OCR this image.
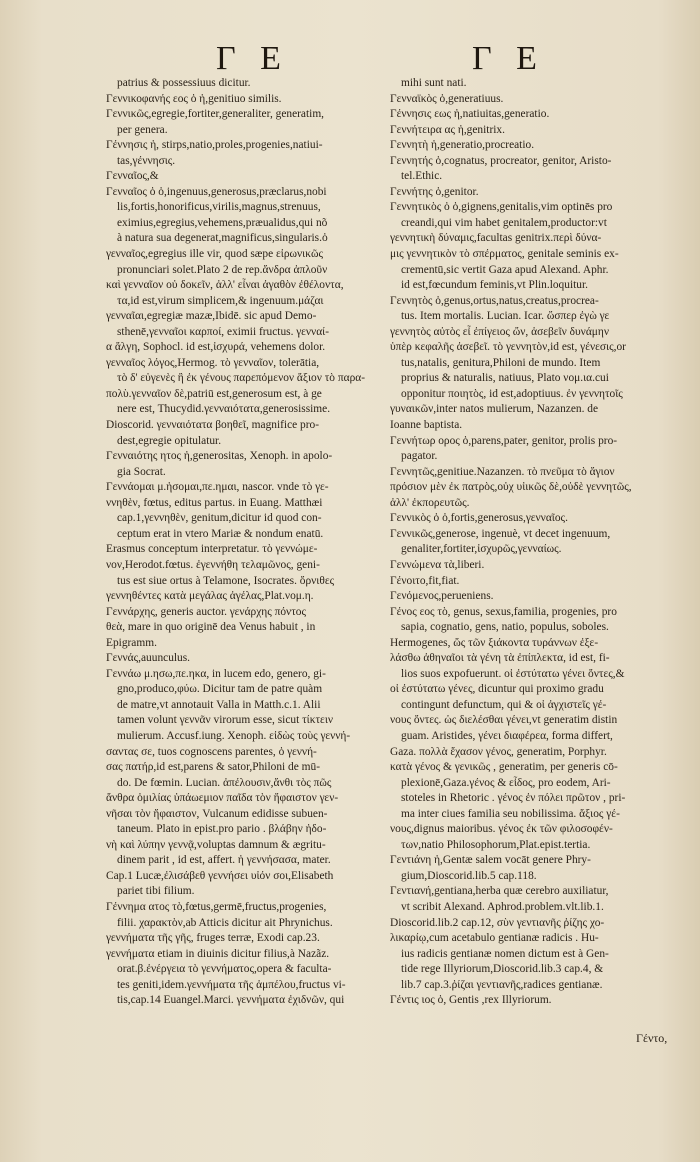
Γ Ε	Γ Ε
patrius & possessiuus dicitur.
Γεννικοφανής εος ὁ ἡ,genitiuo similis.
Γεννικῶς,egregie,fortiter,generaliter, generatim,
per genera.
Γέννησις ἡ, stirps,natio,proles,progenies,natiui-
tas,γέννησις.
Γενναῖος,&
Γενναῖος ὁ ὁ,ingenuus,generosus,præclarus,nobi
lis,fortis,honorificus,virilis,magnus,strenuus,
eximius,egregius,vehemens,præualidus,qui nõ
à natura sua degenerat,magnificus,singularis.ὁ
γενναῖος,egregius ille vir, quod sæpe εἰρωνικῶς
pronunciari solet.Plato 2 de rep.ἄνδρα ἁπλοῦν
καὶ γενναῖον οὐ δοκεῖν, ἀλλ' εἶναι ἀγαθὸν ἐθέλοντα,
τα,id est,virum simplicem,& ingenuum.μάζαι
γενναῖαι,egregiæ mazæ,Ibidē. sic apud Demo-
sthenē,γενναῖοι καρποί, eximii fructus. γενναί-
α ἄλγη, Sophocl. id est,ἰσχυρά, vehemens dolor.
γενναῖος λόγος,Hermog. τὸ γενναῖον, tolerātia,
τὸ δ' εὐγενὲς ἢ ἐκ γένους παρεπόμενον ἄξιον τὸ παρα-
πολὺ.γενναῖον δὲ,patriū est,generosum est, à ge
nere est, Thucydid.γενναιότατα,generosissime.
Dioscorid. γενναιότατα βοηθεῖ, magnifice pro-
dest,egregie opitulatur.
Γενναιότης ητος ἡ,generositas, Xenoph. in apolo-
gia Socrat.
Γεννάομαι μ.ἡσομαι,πε.ημαι, nascor. vnde τὸ γε-
ννηθὲν, fœtus, editus partus. in Euang. Matthæi
cap.1,γεννηθὲν, genitum,dicitur id quod con-
ceptum erat in vtero Mariæ & nondum enatū.
Erasmus conceptum interpretatur. τὸ γεννώμε-
νον,Herodot.fœtus. ἐγεννήθη τελαμῶνος, geni-
tus est siue ortus à Telamone, Isocrates. ὄρνιθες
γεννηθέντες κατὰ μεγάλας ἀγέλας,Plat.νομ.η.
Γεννάρχης, generis auctor. γενάρχης πόντος
θεὰ, mare in quo originē dea Venus habuit , in
Epigramm.
Γεννάς,auunculus.
Γεννάω μ.ησω,πε.ηκα, in lucem edo, genero, gi-
gno,produco,φύω. Dicitur tam de patre quàm
de matre,vt annotauit Valla in Matth.c.1. Alii
tamen volunt γεννᾶν virorum esse, sicut τίκτειν
mulierum. Accusf.iung. Xenoph. εἰδὼς τοὺς γεννή-
σαντας σε, tuos cognoscens parentes, ὁ γεννή-
σας πατήρ,id est,parens & sator,Philoni de mū-
do. De fœmin. Lucian. ἀπέλουσιν,ἄνθι τὸς πῶς
ἄνθρα ὁμιλίας ὑπάωεμιον παῖδα τὸν ἥφαιστον γεν-
νῆσαι τὸν ἥφαιστον, Vulcanum edidisse subuen-
taneum. Plato in epist.pro pario . βλάβην ἡδο-
νὴ καὶ λύπην γεννᾷ,voluptas damnum & ægritu-
dinem parit , id est, affert. ἡ γεννήσασα, mater.
Cap.1 Lucæ,ἐλισάβεθ γεννήσει υἱόν σοι,Elisabeth
pariet tibi filium.
Γέννημα ατος τὸ,fœtus,germē,fructus,progenies,
filii. χαρακτὸν,ab Atticis dicitur ait Phrynichus.
γεννήματα τῆς γῆς, fruges terræ, Exodi cap.23.
γεννήματα etiam in diuinis dicitur filius,à Nazãz.
orat.β.ἐνέργεια τὸ γεννήματος,opera & faculta-
tes geniti,idem.γεννήματα τῆς ἀμπέλου,fructus vi-
tis,cap.14 Euangel.Marci. γεννήματα ἐχιδνῶν, qui
mihi sunt nati.
Γενναϊκὸς ὁ,generatiuus.
Γέννησις εως ἡ,natiuitas,generatio.
Γεννήτειρα ας ἡ,genitrix.
Γεννητὴ ἡ,generatio,procreatio.
Γεννητής ὁ,cognatus, procreator, genitor, Aristo-
tel.Ethic.
Γεννήτης ὁ,genitor.
Γεννητικὸς ὁ ὁ,gignens,genitalis,vim optinēs pro
creandi,qui vim habet genitalem,productor:vt
γεννητικὴ δύναμις,facultas genitrix.περὶ δύνα-
μις γεννητικὸν τὸ σπέρματος, genitale seminis ex-
crementū,sic vertit Gaza apud Alexand. Aphr.
id est,fœcundum feminis,vt Plin.loquitur.
Γεννητὸς ὁ,genus,ortus,natus,creatus,procrea-
tus. Item mortalis. Lucian. Icar. ὥσπερ ἐγὼ γε
γεννητὸς αὐτὸς εἶ ἐπίγειος ὤν, ἀσεβεῖν δυνάμην
ὑπὲρ κεφαλῆς ἀσεβεῖ. τὸ γεννητὸν,id est, γένεσις,or
tus,natalis, genitura,Philoni de mundo. Item
proprius & naturalis, natiuus, Plato νομ.ια.cui
opponitur ποιητὸς, id est,adoptiuus. ἐν γεννητοῖς
γυναικῶν,inter natos mulierum, Nazanzen. de
Ioanne baptista.
Γεννήτωρ ορος ὁ,parens,pater, genitor, prolis pro-
pagator.
Γεννητῶς,genitiue.Nazanzen. τὸ πνεῦμα τὸ ἅγιον
πρόσιον μὲν ἐκ πατρὸς,οὐχ υἱικῶς δὲ,οὐδὲ γεννητῶς,
ἀλλ' ἐκπορευτῶς.
Γεννικὸς ὁ ὁ,fortis,generosus,γενναῖος.
Γεννικῶς,generose, ingenuè, vt decet ingenuum,
genaliter,fortiter,ἰσχυρῶς,γενναίως.
Γεννώμενα τὰ,liberi.
Γένοιτο,fit,fiat.
Γενόμενος,perueniens.
Γένος εος τὸ, genus, sexus,familia, progenies, pro
sapia, cognatio, gens, natio, populus, soboles.
Hermogenes, ὥς τῶν ξιάκοντα τυράννων ἐξε-
λάσθω ἀθηναῖοι τὰ γένη τὰ ἐπίπλεκτα, id est, fi-
lios suos expofuerunt. οἱ ἐστύτατω γένει ὄντες,&
οἱ ἐστύτατω γένες, dicuntur qui proximo gradu
contingunt defunctum, qui & οἱ ἀγχιστεῖς γέ-
νους ὄντες. ὡς διελέσθαι γένει,vt generatim distin
guam. Aristides, γένει διαφέρεα, forma differt,
Gaza. πολλὰ ἔχασον γένος, generatim, Porphyr.
κατὰ γένος & γενικῶς , generatim, per generis cō-
plexionē,Gaza.γένος & εἶδος, pro eodem, Ari-
stoteles in Rhetoric . γένος ἐν πόλει πρῶτον , pri-
ma inter ciues familia seu nobilissima. ἄξιος γέ-
νους,dignus maioribus. γένος ἐκ τῶν φιλοσοφέν-
των,natio Philosophorum,Plat.epist.tertia.
Γεντιάνη ἡ,Gentæ salem vocāt genere Phry-
gium,Dioscorid.lib.5 cap.118.
Γεντιανή,gentiana,herba quæ cerebro auxiliatur,
vt scribit Alexand. Aphrod.problem.vlt.lib.1.
Dioscorid.lib.2 cap.12, σὺν γεντιανῆς ῥίζης χο-
λικαρίῳ,cum acetabulo gentianæ radicis . Hu-
ius radicis gentianæ nomen dictum est à Gen-
tide rege Illyriorum,Dioscorid.lib.3 cap.4, &
lib.7 cap.3.ῥίζαι γεντιανῆς,radices gentianæ.
Γέντις ιος ὁ, Gentis ,rex Illyriorum.
Γέντο,
